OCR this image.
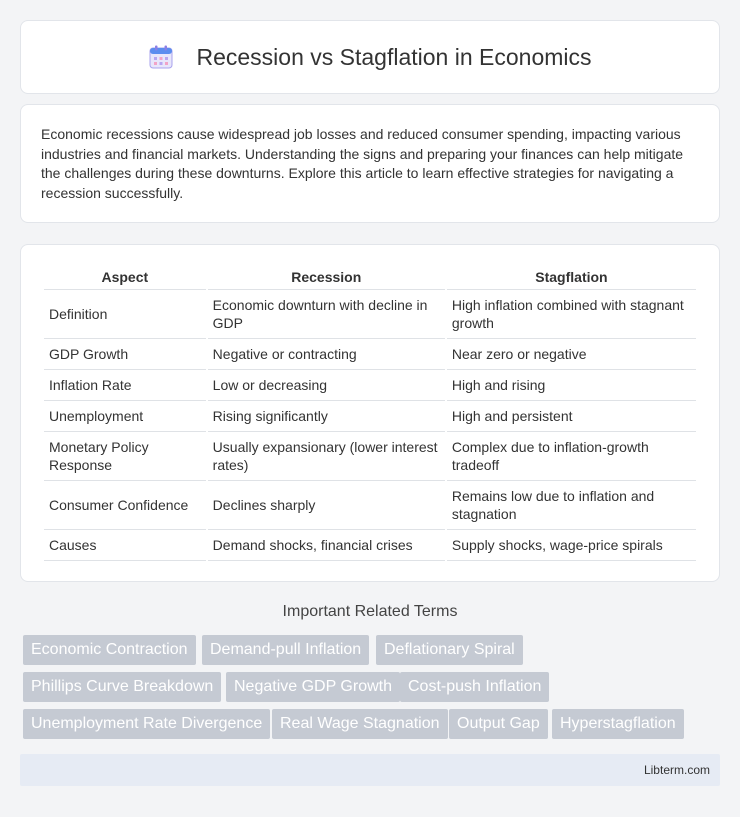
Recession vs Stagflation in Economics

Economic recessions cause widespread job losses and reduced consumer spending, impacting various industries and financial markets. Understanding the signs and preparing your finances can help mitigate the challenges during these downturns. Explore this article to learn effective strategies for navigating a recession successfully.

Aspect	Recession	Stagflation
Definition	Economic downturn with decline in GDP	High inflation combined with stagnant growth
GDP Growth	Negative or contracting	Near zero or negative
Inflation Rate	Low or decreasing	High and rising
Unemployment	Rising significantly	High and persistent
Monetary Policy Response	Usually expansionary (lower interest rates)	Complex due to inflation-growth tradeoff
Consumer Confidence	Declines sharply	Remains low due to inflation and stagnation
Causes	Demand shocks, financial crises	Supply shocks, wage-price spirals
Important Related Terms
Economic Contraction	Demand-pull Inflation	Deflationary Spiral
Phillips Curve Breakdown	Negative GDP Growth	Cost-push Inflation
Unemployment Rate Divergence	Real Wage Stagnation	Output Gap	Hyperstagflation
Libterm.com
